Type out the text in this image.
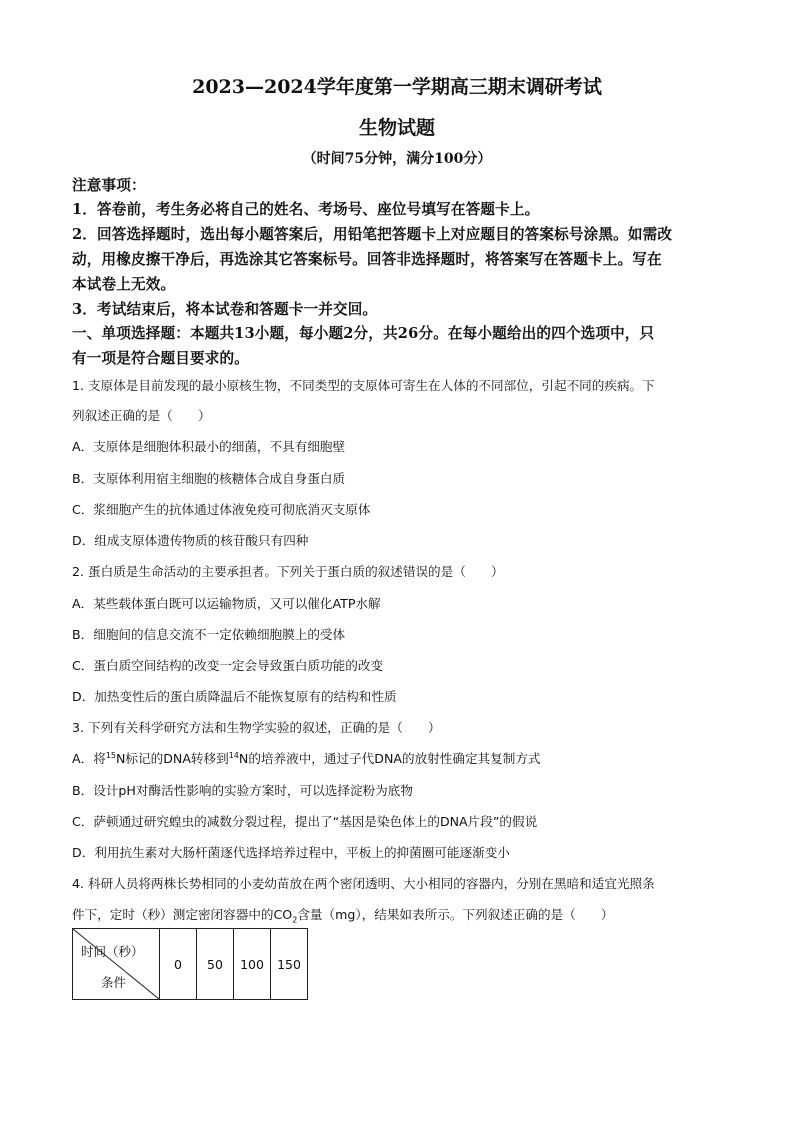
2023—2024学年度第一学期高三期末调研考试
生物试题
（时间75分钟，满分100分）
注意事项：
1．答卷前，考生务必将自己的姓名、考场号、座位号填写在答题卡上。
2．回答选择题时，选出每小题答案后，用铅笔把答题卡上对应题目的答案标号涂黑。如需改
动，用橡皮擦干净后，再选涂其它答案标号。回答非选择题时，将答案写在答题卡上。写在
本试卷上无效。
3．考试结束后，将本试卷和答题卡一并交回。
一、单项选择题：本题共13小题，每小题2分，共26分。在每小题给出的四个选项中，只
有一项是符合题目要求的。
1. 支原体是目前发现的最小原核生物，不同类型的支原体可寄生在人体的不同部位，引起不同的疾病。下
列叙述正确的是（　　）
A．支原体是细胞体积最小的细菌，不具有细胞壁
B．支原体利用宿主细胞的核糖体合成自身蛋白质
C．浆细胞产生的抗体通过体液免疫可彻底消灭支原体
D．组成支原体遗传物质的核苷酸只有四种
2. 蛋白质是生命活动的主要承担者。下列关于蛋白质的叙述错误的是（　　）
A．某些载体蛋白既可以运输物质，又可以催化ATP水解
B．细胞间的信息交流不一定依赖细胞膜上的受体
C．蛋白质空间结构的改变一定会导致蛋白质功能的改变
D．加热变性后的蛋白质降温后不能恢复原有的结构和性质
3. 下列有关科学研究方法和生物学实验的叙述，正确的是（　　）
A．将$^{15}$N标记的DNA转移到$^{14}$N的培养液中，通过子代DNA的放射性确定其复制方式
B．设计pH对酶活性影响的实验方案时，可以选择淀粉为底物
C．萨顿通过研究蝗虫的减数分裂过程，提出了“基因是染色体上的DNA片段”的假说
D．利用抗生素对大肠杆菌逐代选择培养过程中，平板上的抑菌圈可能逐渐变小
4. 科研人员将两株长势相同的小麦幼苗放在两个密闭透明、大小相同的容器内，分别在黑暗和适宜光照条
件下，定时（秒）测定密闭容器中的$CO_2$含量（mg），结果如表所示。下列叙述正确的是（　　）
时间（秒）
条件
	0	50	100	150
